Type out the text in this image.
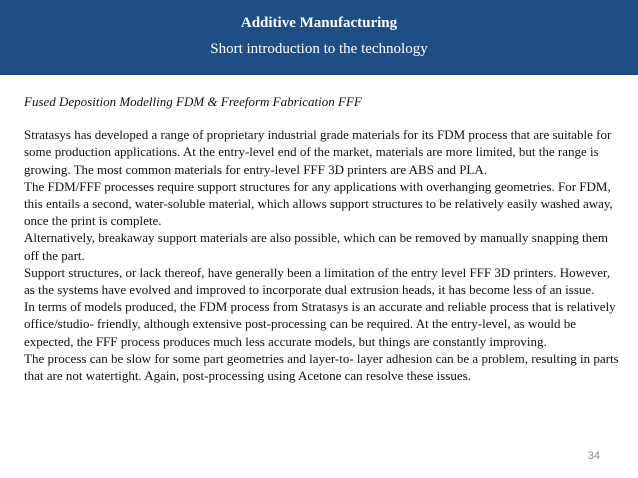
Additive Manufacturing
Short introduction to the technology

Fused Deposition Modelling FDM & Freeform Fabrication FFF

Stratasys has developed a range of proprietary industrial grade materials for its FDM process that are suitable for some production applications. At the entry-level end of the market, materials are more limited, but the range is growing. The most common materials for entry-level FFF 3D printers are ABS and PLA.

The FDM/FFF processes require support structures for any applications with overhanging geometries. For FDM, this entails a second, water-soluble material, which allows support structures to be relatively easily washed away, once the print is complete.

Alternatively, breakaway support materials are also possible, which can be removed by manually snapping them off the part.

Support structures, or lack thereof, have generally been a limitation of the entry level FFF 3D printers. However, as the systems have evolved and improved to incorporate dual extrusion heads, it has become less of an issue.

In terms of models produced, the FDM process from Stratasys is an accurate and reliable process that is relatively office/studio- friendly, although extensive post-processing can be required. At the entry-level, as would be expected, the FFF process produces much less accurate models, but things are constantly improving.

The process can be slow for some part geometries and layer-to- layer adhesion can be a problem, resulting in parts that are not watertight. Again, post-processing using Acetone can resolve these issues.

34
